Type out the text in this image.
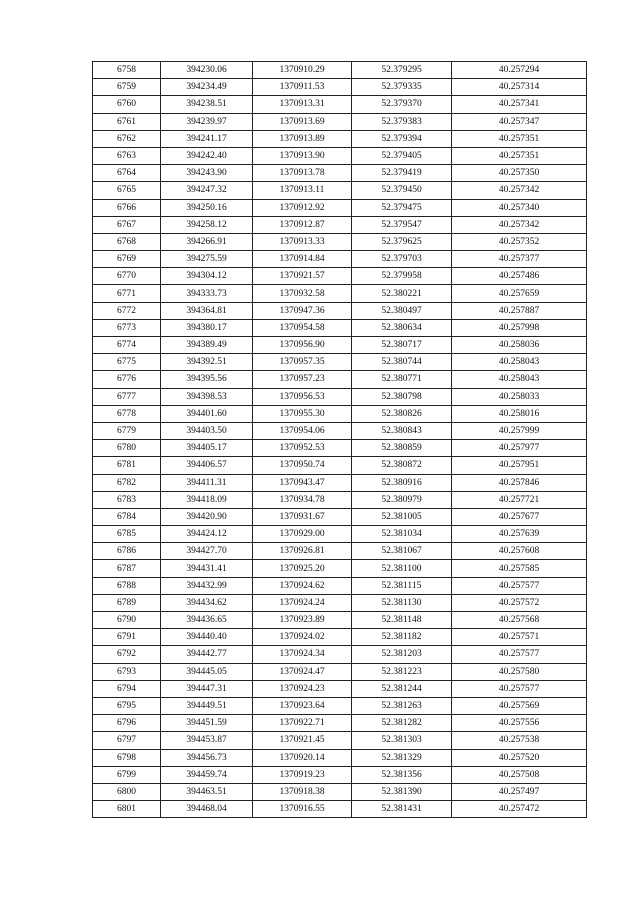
6758	394230.06	1370910.29	52.379295	40.257294
6759	394234.49	1370911.53	52.379335	40.257314
6760	394238.51	1370913.31	52.379370	40.257341
6761	394239.97	1370913.69	52.379383	40.257347
6762	394241.17	1370913.89	52.379394	40.257351
6763	394242.40	1370913.90	52.379405	40.257351
6764	394243.90	1370913.78	52.379419	40.257350
6765	394247.32	1370913.11	52.379450	40.257342
6766	394250.16	1370912.92	52.379475	40.257340
6767	394258.12	1370912.87	52.379547	40.257342
6768	394266.91	1370913.33	52.379625	40.257352
6769	394275.59	1370914.84	52.379703	40.257377
6770	394304.12	1370921.57	52.379958	40.257486
6771	394333.73	1370932.58	52.380221	40.257659
6772	394364.81	1370947.36	52.380497	40.257887
6773	394380.17	1370954.58	52.380634	40.257998
6774	394389.49	1370956.90	52.380717	40.258036
6775	394392.51	1370957.35	52.380744	40.258043
6776	394395.56	1370957.23	52.380771	40.258043
6777	394398.53	1370956.53	52.380798	40.258033
6778	394401.60	1370955.30	52.380826	40.258016
6779	394403.50	1370954.06	52.380843	40.257999
6780	394405.17	1370952.53	52.380859	40.257977
6781	394406.57	1370950.74	52.380872	40.257951
6782	394411.31	1370943.47	52.380916	40.257846
6783	394418.09	1370934.78	52.380979	40.257721
6784	394420.90	1370931.67	52.381005	40.257677
6785	394424.12	1370929.00	52.381034	40.257639
6786	394427.70	1370926.81	52.381067	40.257608
6787	394431.41	1370925.20	52.381100	40.257585
6788	394432.99	1370924.62	52.381115	40.257577
6789	394434.62	1370924.24	52.381130	40.257572
6790	394436.65	1370923.89	52.381148	40.257568
6791	394440.40	1370924.02	52.381182	40.257571
6792	394442.77	1370924.34	52.381203	40.257577
6793	394445.05	1370924.47	52.381223	40.257580
6794	394447.31	1370924.23	52.381244	40.257577
6795	394449.51	1370923.64	52.381263	40.257569
6796	394451.59	1370922.71	52.381282	40.257556
6797	394453.87	1370921.45	52.381303	40.257538
6798	394456.73	1370920.14	52.381329	40.257520
6799	394459.74	1370919.23	52.381356	40.257508
6800	394463.51	1370918.38	52.381390	40.257497
6801	394468.04	1370916.55	52.381431	40.257472
